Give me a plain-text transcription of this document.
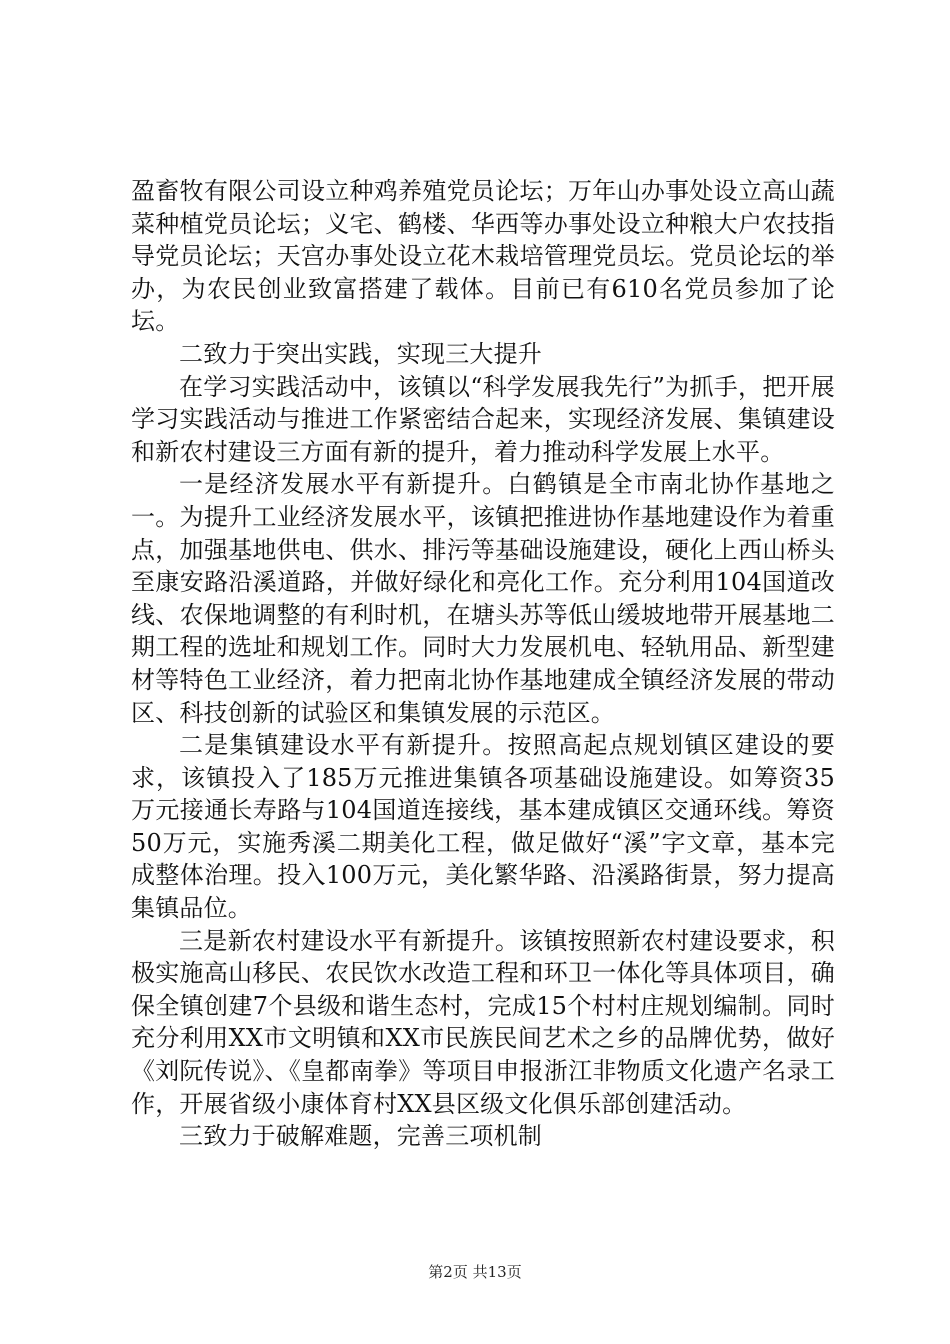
盈畜牧有限公司设立种鸡养殖党员论坛；万年山办事处设立高山蔬菜种植党员论坛；义宅、鹤楼、华西等办事处设立种粮大户农技指导党员论坛；天宫办事处设立花木栽培管理党员坛。党员论坛的举办，为农民创业致富搭建了载体。目前已有610名党员参加了论坛。

二致力于突出实践，实现三大提升

在学习实践活动中，该镇以“科学发展我先行”为抓手，把开展学习实践活动与推进工作紧密结合起来，实现经济发展、集镇建设和新农村建设三方面有新的提升，着力推动科学发展上水平。

一是经济发展水平有新提升。白鹤镇是全市南北协作基地之一。为提升工业经济发展水平，该镇把推进协作基地建设作为着重点，加强基地供电、供水、排污等基础设施建设，硬化上西山桥头至康安路沿溪道路，并做好绿化和亮化工作。充分利用104国道改线、农保地调整的有利时机，在塘头苏等低山缓坡地带开展基地二期工程的选址和规划工作。同时大力发展机电、轻轨用品、新型建材等特色工业经济，着力把南北协作基地建成全镇经济发展的带动区、科技创新的试验区和集镇发展的示范区。

二是集镇建设水平有新提升。按照高起点规划镇区建设的要求，该镇投入了185万元推进集镇各项基础设施建设。如筹资35万元接通长寿路与104国道连接线，基本建成镇区交通环线。筹资50万元，实施秀溪二期美化工程，做足做好“溪”字文章，基本完成整体治理。投入100万元，美化繁华路、沿溪路街景，努力提高集镇品位。

三是新农村建设水平有新提升。该镇按照新农村建设要求，积极实施高山移民、农民饮水改造工程和环卫一体化等具体项目，确保全镇创建7个县级和谐生态村，完成15个村村庄规划编制。同时充分利用XX市文明镇和XX市民族民间艺术之乡的品牌优势，做好《刘阮传说》、《皇都南拳》等项目申报浙江非物质文化遗产名录工作，开展省级小康体育村XX县区级文化俱乐部创建活动。

三致力于破解难题，完善三项机制

第2页 共13页
